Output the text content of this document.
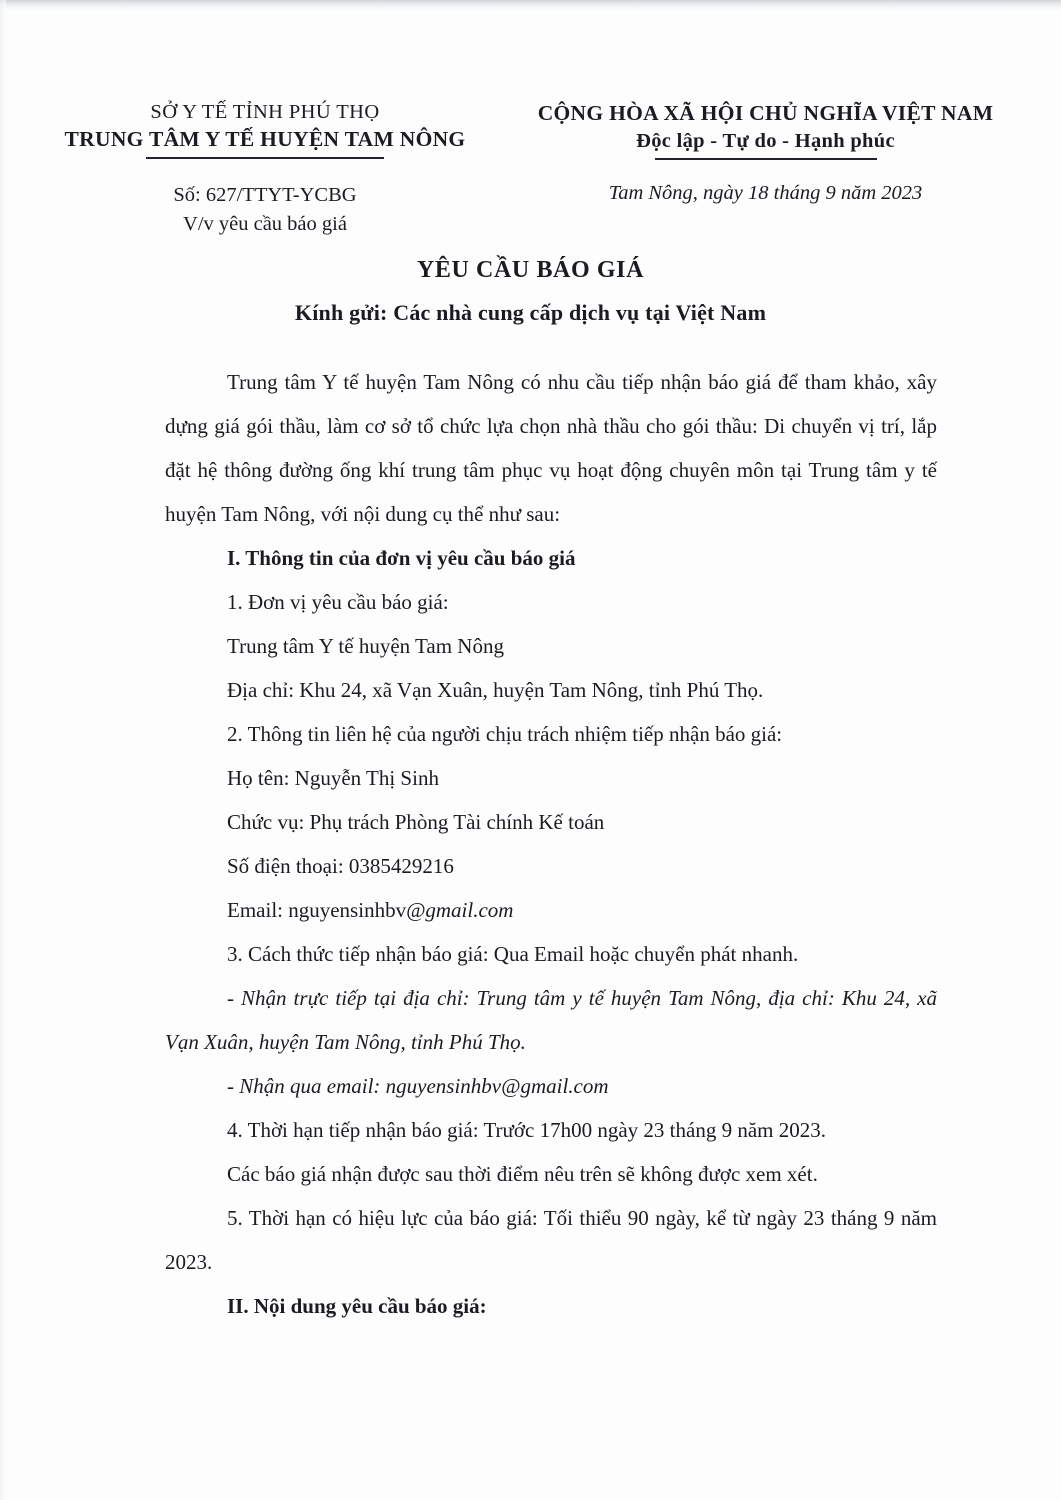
SỞ Y TẾ TỈNH PHÚ THỌ
TRUNG TÂM Y TẾ HUYỆN TAM NÔNG
Số: 627/TTYT-YCBG
V/v yêu cầu báo giá
CỘNG HÒA XÃ HỘI CHỦ NGHĨA VIỆT NAM
Độc lập - Tự do - Hạnh phúc
Tam Nông, ngày 18 tháng 9 năm 2023
YÊU CẦU BÁO GIÁ
Kính gửi: Các nhà cung cấp dịch vụ tại Việt Nam

Trung tâm Y tế huyện Tam Nông có nhu cầu tiếp nhận báo giá để tham khảo, xây dựng giá gói thầu, làm cơ sở tổ chức lựa chọn nhà thầu cho gói thầu: Di chuyển vị trí, lắp đặt hệ thông đường ống khí trung tâm phục vụ hoạt động chuyên môn tại Trung tâm y tế huyện Tam Nông, với nội dung cụ thể như sau:

I. Thông tin của đơn vị yêu cầu báo giá
1. Đơn vị yêu cầu báo giá:
Trung tâm Y tế huyện Tam Nông
Địa chỉ: Khu 24, xã Vạn Xuân, huyện Tam Nông, tỉnh Phú Thọ.
2. Thông tin liên hệ của người chịu trách nhiệm tiếp nhận báo giá:
Họ tên: Nguyễn Thị Sinh
Chức vụ: Phụ trách Phòng Tài chính Kế toán
Số điện thoại: 0385429216
Email: nguyensinhbv@gmail.com
3. Cách thức tiếp nhận báo giá: Qua Email hoặc chuyển phát nhanh.

- Nhận trực tiếp tại địa chỉ: Trung tâm y tế huyện Tam Nông, địa chỉ: Khu 24, xã Vạn Xuân, huyện Tam Nông, tỉnh Phú Thọ.

- Nhận qua email: nguyensinhbv@gmail.com
4. Thời hạn tiếp nhận báo giá: Trước 17h00 ngày 23 tháng 9 năm 2023.
Các báo giá nhận được sau thời điểm nêu trên sẽ không được xem xét.

5. Thời hạn có hiệu lực của báo giá: Tối thiểu 90 ngày, kể từ ngày 23 tháng 9 năm 2023.

II. Nội dung yêu cầu báo giá:
